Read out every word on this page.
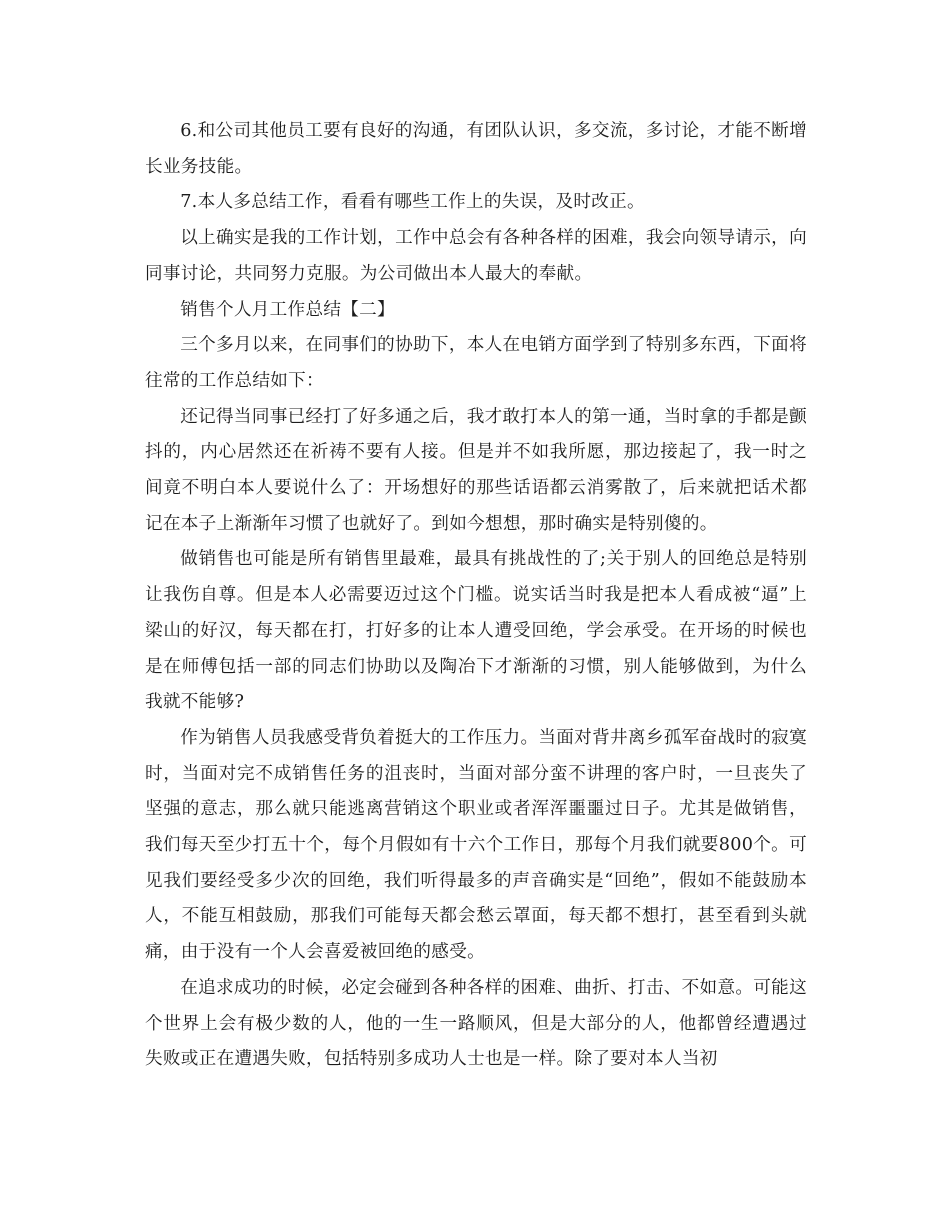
6.和公司其他员工要有良好的沟通，有团队认识，多交流，多讨论，才能不断增长业务技能。

7.本人多总结工作，看看有哪些工作上的失误，及时改正。

以上确实是我的工作计划，工作中总会有各种各样的困难，我会向领导请示，向同事讨论，共同努力克服。为公司做出本人最大的奉献。

销售个人月工作总结【二】

三个多月以来，在同事们的协助下，本人在电销方面学到了特别多东西，下面将往常的工作总结如下：

还记得当同事已经打了好多通之后，我才敢打本人的第一通，当时拿的手都是颤抖的，内心居然还在祈祷不要有人接。但是并不如我所愿，那边接起了，我一时之间竟不明白本人要说什么了：开场想好的那些话语都云消雾散了，后来就把话术都记在本子上渐渐年习惯了也就好了。到如今想想，那时确实是特别傻的。

做销售也可能是所有销售里最难，最具有挑战性的了;关于别人的回绝总是特别让我伤自尊。但是本人必需要迈过这个门槛。说实话当时我是把本人看成被“逼”上梁山的好汉，每天都在打，打好多的让本人遭受回绝，学会承受。在开场的时候也是在师傅包括一部的同志们协助以及陶冶下才渐渐的习惯，别人能够做到，为什么我就不能够?

作为销售人员我感受背负着挺大的工作压力。当面对背井离乡孤军奋战时的寂寞时，当面对完不成销售任务的沮丧时，当面对部分蛮不讲理的客户时，一旦丧失了坚强的意志，那么就只能逃离营销这个职业或者浑浑噩噩过日子。尤其是做销售，我们每天至少打五十个，每个月假如有十六个工作日，那每个月我们就要800个。可见我们要经受多少次的回绝，我们听得最多的声音确实是“回绝”，假如不能鼓励本人，不能互相鼓励，那我们可能每天都会愁云罩面，每天都不想打，甚至看到头就痛，由于没有一个人会喜爱被回绝的感受。

在追求成功的时候，必定会碰到各种各样的困难、曲折、打击、不如意。可能这个世界上会有极少数的人，他的一生一路顺风，但是大部分的人，他都曾经遭遇过失败或正在遭遇失败，包括特别多成功人士也是一样。除了要对本人当初
